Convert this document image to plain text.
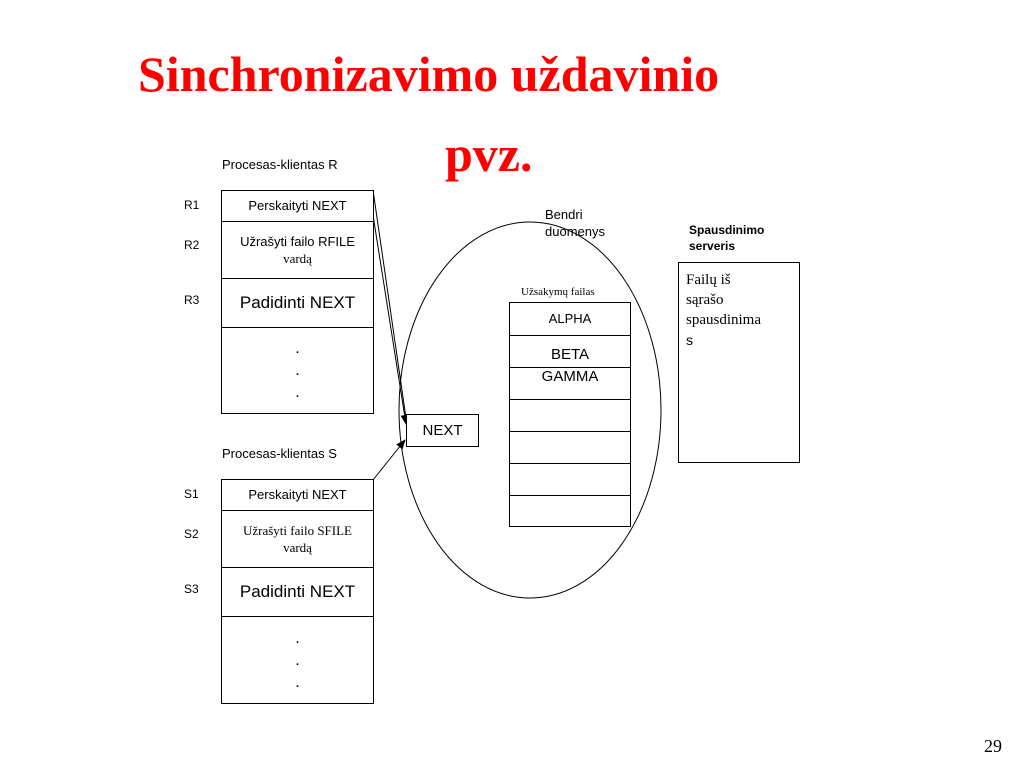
Sinchronizavimo uždavinio
pvz.
Procesas-klientas R
R1
R2
R3
Perskaityti NEXT
Užrašyti failo RFILE
vardą
Padidinti NEXT
.
.
.
Procesas-klientas S
S1
S2
S3
Perskaityti NEXT
Užrašyti failo SFILE
vardą
Padidinti NEXT
.
.
.
Bendri
duomenys
NEXT
Užsakymų failas
ALPHA
BETA
GAMMA
Spausdinimo
serveris
Failų iš
sąrašo
spausdinima
s
29
